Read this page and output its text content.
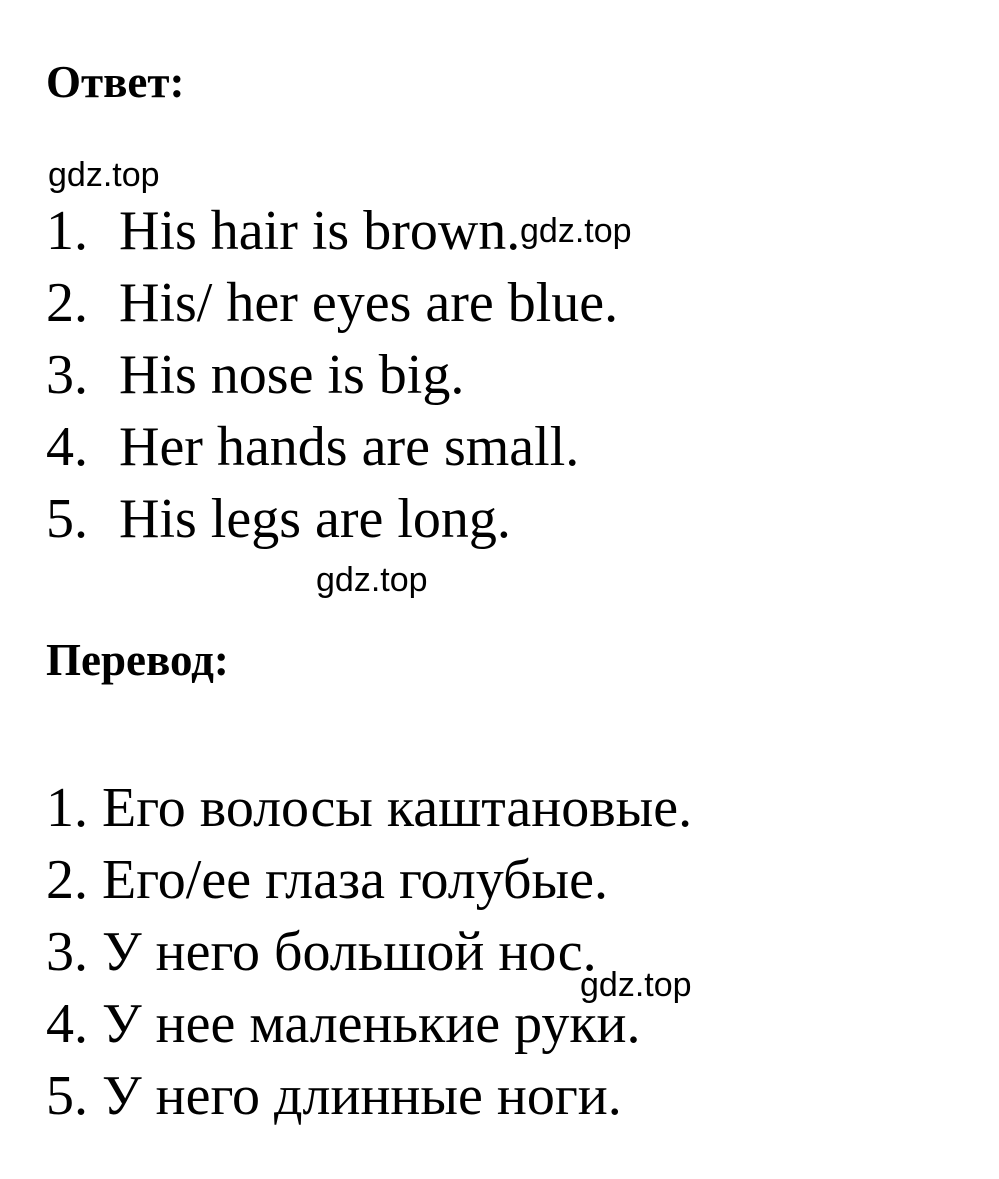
Ответ:
1. His hair is brown.
2. His/ her eyes are blue.
3. His nose is big.
4. Her hands are small.
5. His legs are long.
Перевод:
1. Его волосы каштановые.
2. Его/ее глаза голубые.
3. У него большой нос.
4. У нее маленькие руки.
5. У него длинные ноги.
gdz.top
gdz.top
gdz.top
gdz.top
